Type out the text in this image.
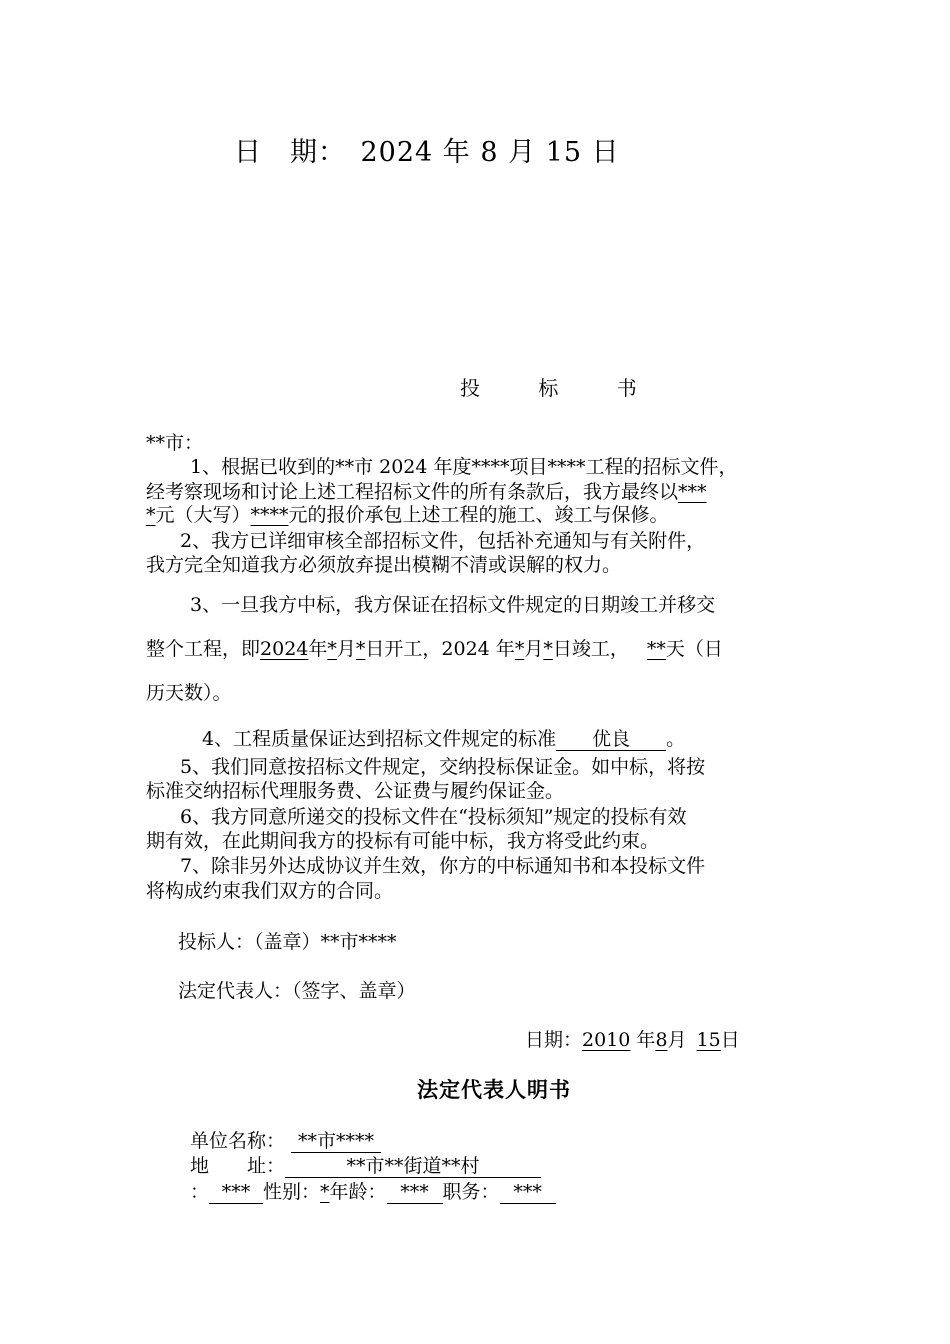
日　期：　2024 年 8 月 15 日
投 标 书
**市：
1、根据已收到的**市 2024 年度****项目****工程的招标文件，
经考察现场和讨论上述工程招标文件的所有条款后，我方最终以***
*元（大写）****元的报价承包上述工程的施工、竣工与保修。
2、我方已详细审核全部招标文件，包括补充通知与有关附件，
我方完全知道我方必须放弃提出模糊不清或误解的权力。
3、一旦我方中标，我方保证在招标文件规定的日期竣工并移交
整个工程，即2024年*月*日开工，2024 年*月*日竣工， **天（日
历天数）。
4、工程质量保证达到招标文件规定的标准 优良 。
5、我们同意按招标文件规定，交纳投标保证金。如中标，将按
标准交纳招标代理服务费、公证费与履约保证金。
6、我方同意所递交的投标文件在“投标须知”规定的投标有效
期有效，在此期间我方的投标有可能中标，我方将受此约束。
7、除非另外达成协议并生效，你方的中标通知书和本投标文件
将构成约束我们双方的合同。
投标人：（盖章）**市****
法定代表人：（签字、盖章）
日期：2010 年8月 15日
法定代表人明书
单位名称： **市****
地　　址：	**市**街道**村
： *** 性别：*年龄： *** 职务： ***
